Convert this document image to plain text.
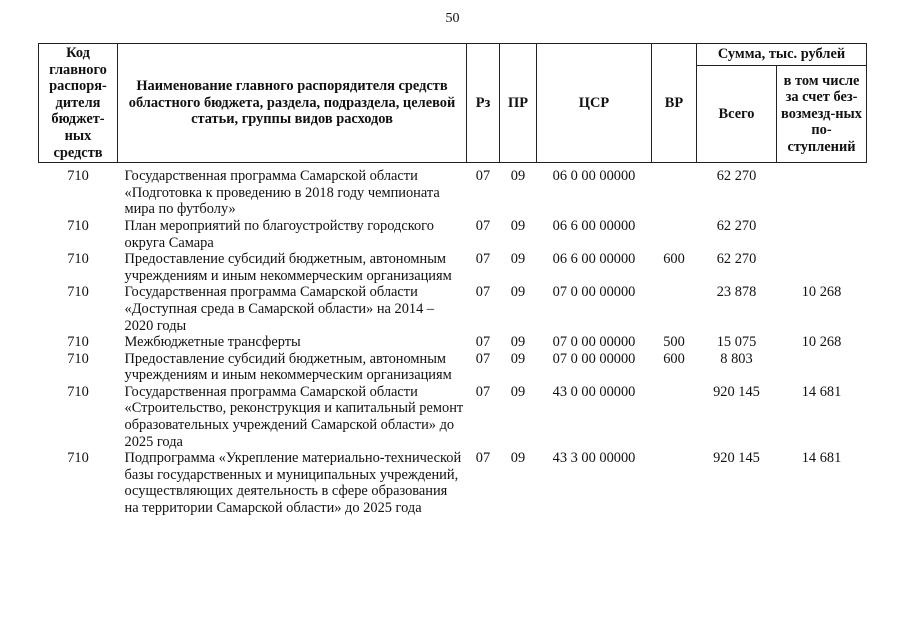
50
Код главного распоря-дителя бюджет-ных средств	Наименование главного распорядителя средств областного бюджета, раздела, подраздела, целевой статьи, группы видов расходов	Рз	ПР	ЦСР	ВР	Сумма, тыс. рублей	
						Всего	в том числе за счет без-возмезд-ных по-ступлений
710	Государственная программа Самарской области «Подготовка к проведению в 2018 году чемпионата мира по футболу»	07	09	06 0 00 00000		62 270	
710	План мероприятий по благоустройству городского округа Самара	07	09	06 6 00 00000		62 270	
710	Предоставление субсидий бюджетным, автономным учреждениям и иным некоммерческим организациям	07	09	06 6 00 00000	600	62 270	
710	Государственная программа Самарской области «Доступная среда в Самарской области» на 2014 – 2020 годы	07	09	07 0 00 00000		23 878	10 268
710	Межбюджетные трансферты	07	09	07 0 00 00000	500	15 075	10 268
710	Предоставление субсидий бюджетным, автономным учреждениям и иным некоммерческим организациям	07	09	07 0 00 00000	600	8 803	
710	Государственная программа Самарской области «Строительство, реконструкция и капитальный ремонт образовательных учреждений Самарской области» до 2025 года	07	09	43 0 00 00000		920 145	14 681
710	Подпрограмма «Укрепление материально-технической базы государственных и муниципальных учреждений, осуществляющих деятельность в сфере образования на территории Самарской области» до 2025 года	07	09	43 3 00 00000		920 145	14 681
